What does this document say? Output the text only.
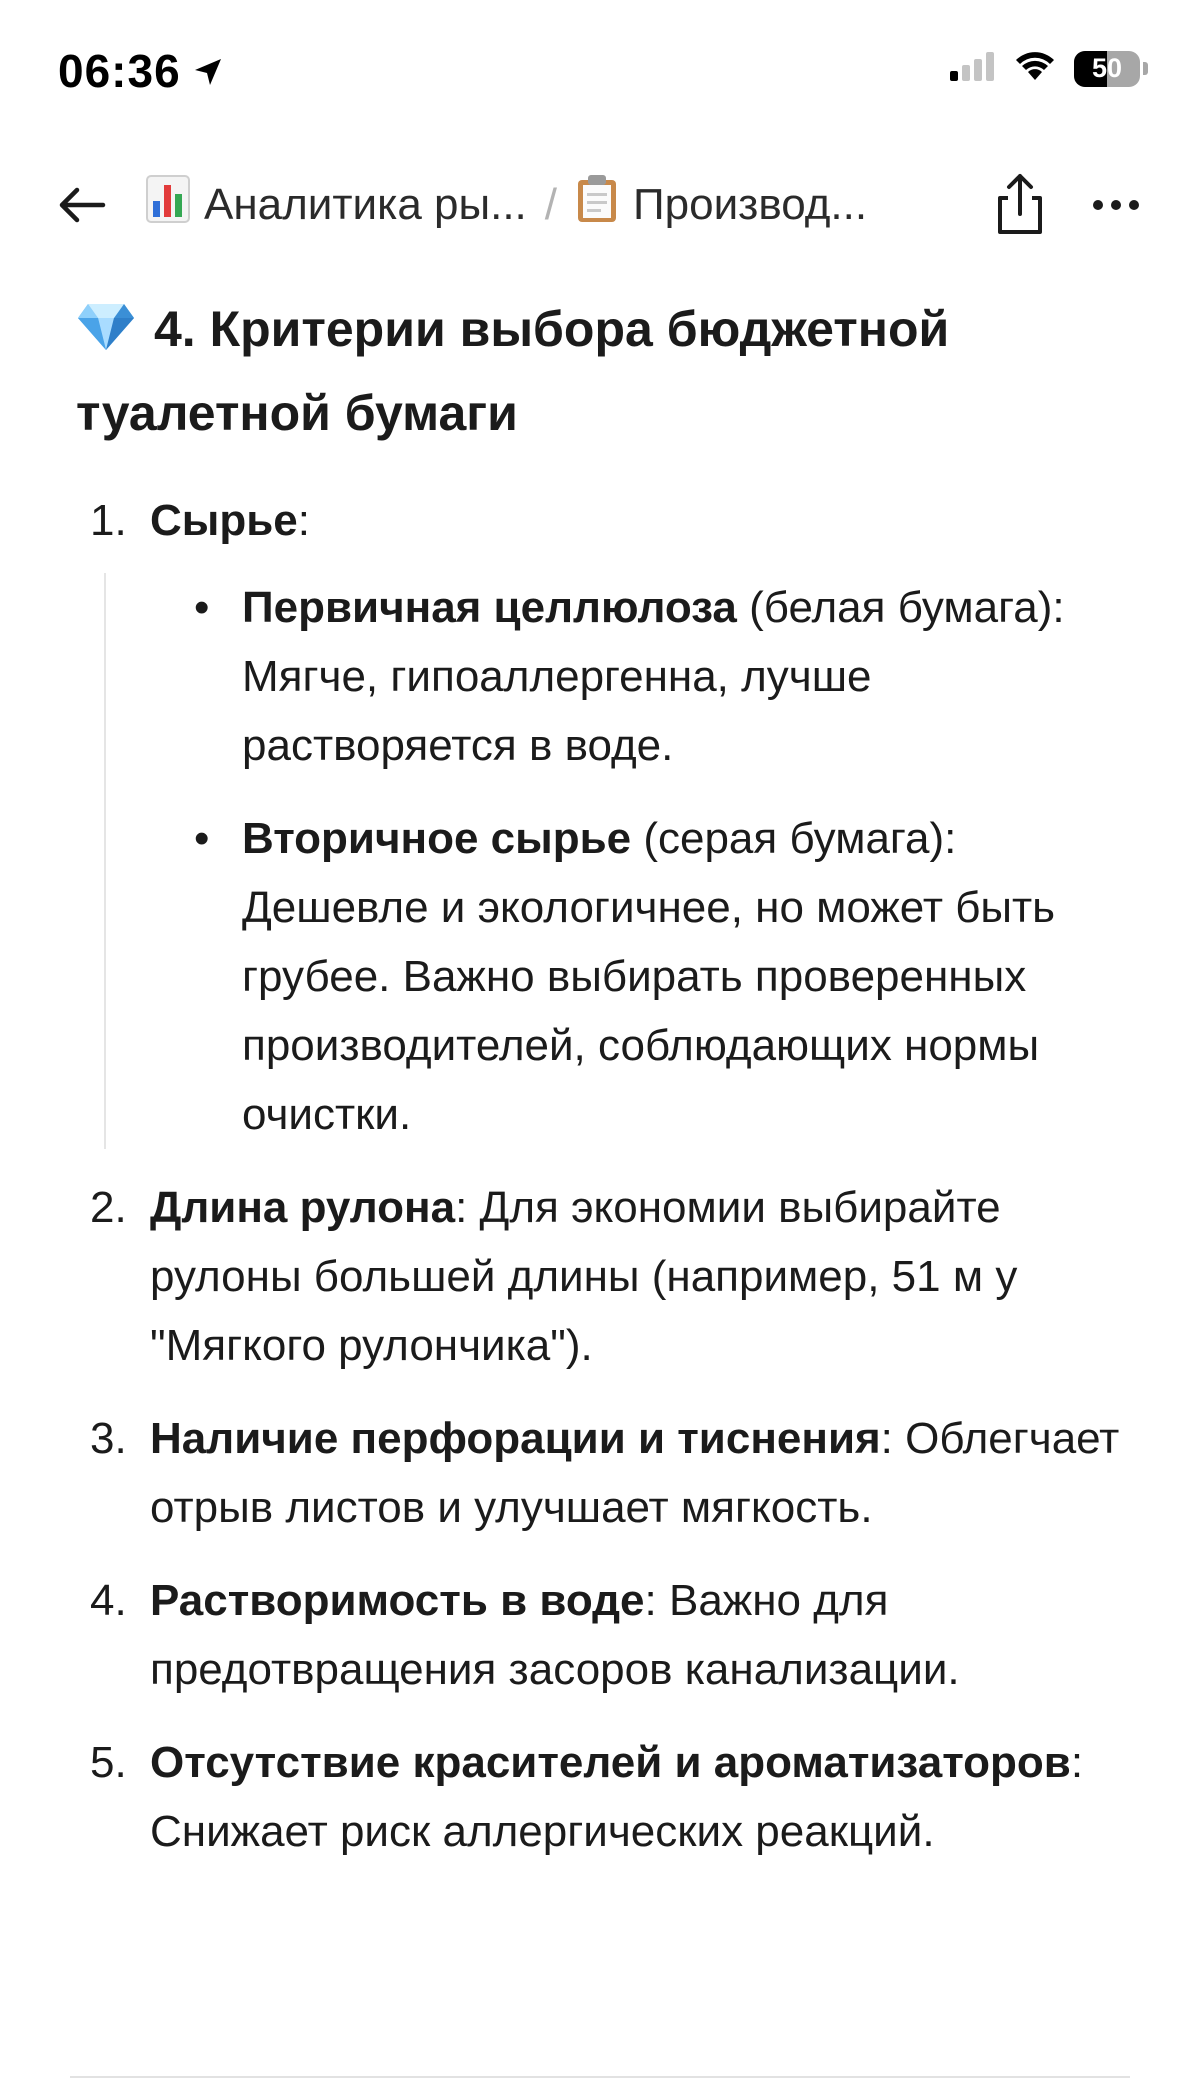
06:36	50
Аналитика ры... / Производ...
4. Критерии выбора бюджетной туалетной бумаги
1. Сырье:
• Первичная целлюлоза (белая бумага): Мягче, гипоаллергенна, лучше растворяется в воде.
• Вторичное сырье (серая бумага): Дешевле и экологичнее, но может быть грубее. Важно выбирать проверенных производителей, соблюдающих нормы очистки.
2. Длина рулона: Для экономии выбирайте рулоны большей длины (например, 51 м у "Мягкого рулончика").
3. Наличие перфорации и тиснения: Облегчает отрыв листов и улучшает мягкость.
4. Растворимость в воде: Важно для предотвращения засоров канализации.
5. Отсутствие красителей и ароматизаторов: Снижает риск аллергических реакций.
